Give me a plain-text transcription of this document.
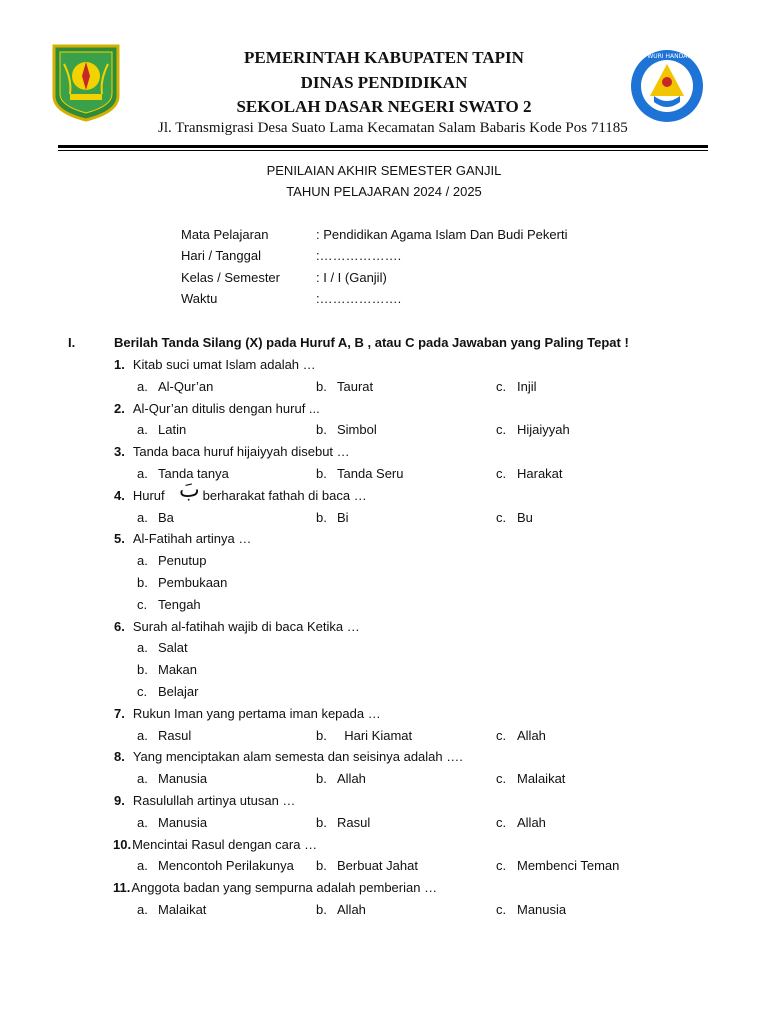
TUT WURI HANDAYANI
PEMERINTAH KABUPATEN TAPIN
DINAS PENDIDIKAN
SEKOLAH DASAR NEGERI SWATO 2
Jl. Transmigrasi Desa Suato Lama Kecamatan Salam Babaris Kode Pos 71185
PENILAIAN AKHIR SEMESTER GANJIL
TAHUN PELAJARAN 2024 / 2025
Mata Pelajaran	: Pendidikan Agama Islam Dan Budi Pekerti
Hari / Tanggal	:……………….
Kelas / Semester	: I / I (Ganjil)
Waktu	:……………….
I.	Berilah Tanda Silang (X) pada Huruf A, B , atau C pada Jawaban yang Paling Tepat !
1. Kitab suci umat Islam adalah …
a. Al-Qur’an	b. Taurat	c. Injil
2. Al-Qur’an ditulis dengan huruf ...
a. Latin	b. Simbol	c. Hijaiyyah
3. Tanda baca huruf hijaiyyah disebut …
a. Tanda tanya	b. Tanda Seru	c. Harakat
بَ
4. Huruf	berharakat fathah di baca …
a. Ba	b. Bi	c. Bu
5. Al-Fatihah artinya …
a. Penutup
b. Pembukaan
c. Tengah
6. Surah al-fatihah wajib di baca Ketika …
a. Salat
b. Makan
c. Belajar
7. Rukun Iman yang pertama iman kepada …
a. Rasul	b.  Hari Kiamat	c. Allah
8. Yang menciptakan alam semesta dan seisinya adalah ….
a. Manusia	b. Allah	c. Malaikat
9. Rasulullah artinya utusan …
a. Manusia	b. Rasul	c. Allah
10.Mencintai Rasul dengan cara …
a. Mencontoh Perilakunya b. Berbuat Jahat	c. Membenci Teman
11.Anggota badan yang sempurna adalah pemberian …
a. Malaikat	b. Allah	c. Manusia
